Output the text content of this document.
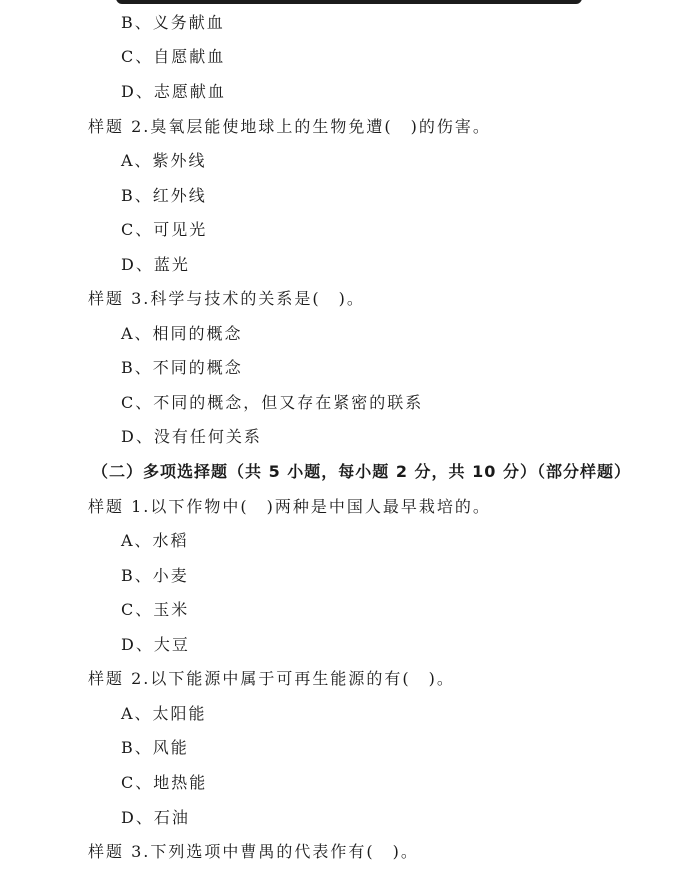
B、义务献血
C、自愿献血
D、志愿献血
样题 2.臭氧层能使地球上的生物免遭(　)的伤害。
A、紫外线
B、红外线
C、可见光
D、蓝光
样题 3.科学与技术的关系是(　)。
A、相同的概念
B、不同的概念
C、不同的概念，但又存在紧密的联系
D、没有任何关系
（二）多项选择题（共 5 小题，每小题 2 分，共 10 分）（部分样题）
样题 1.以下作物中(　)两种是中国人最早栽培的。
A、水稻
B、小麦
C、玉米
D、大豆
样题 2.以下能源中属于可再生能源的有(　)。
A、太阳能
B、风能
C、地热能
D、石油
样题 3.下列选项中曹禺的代表作有(　)。
